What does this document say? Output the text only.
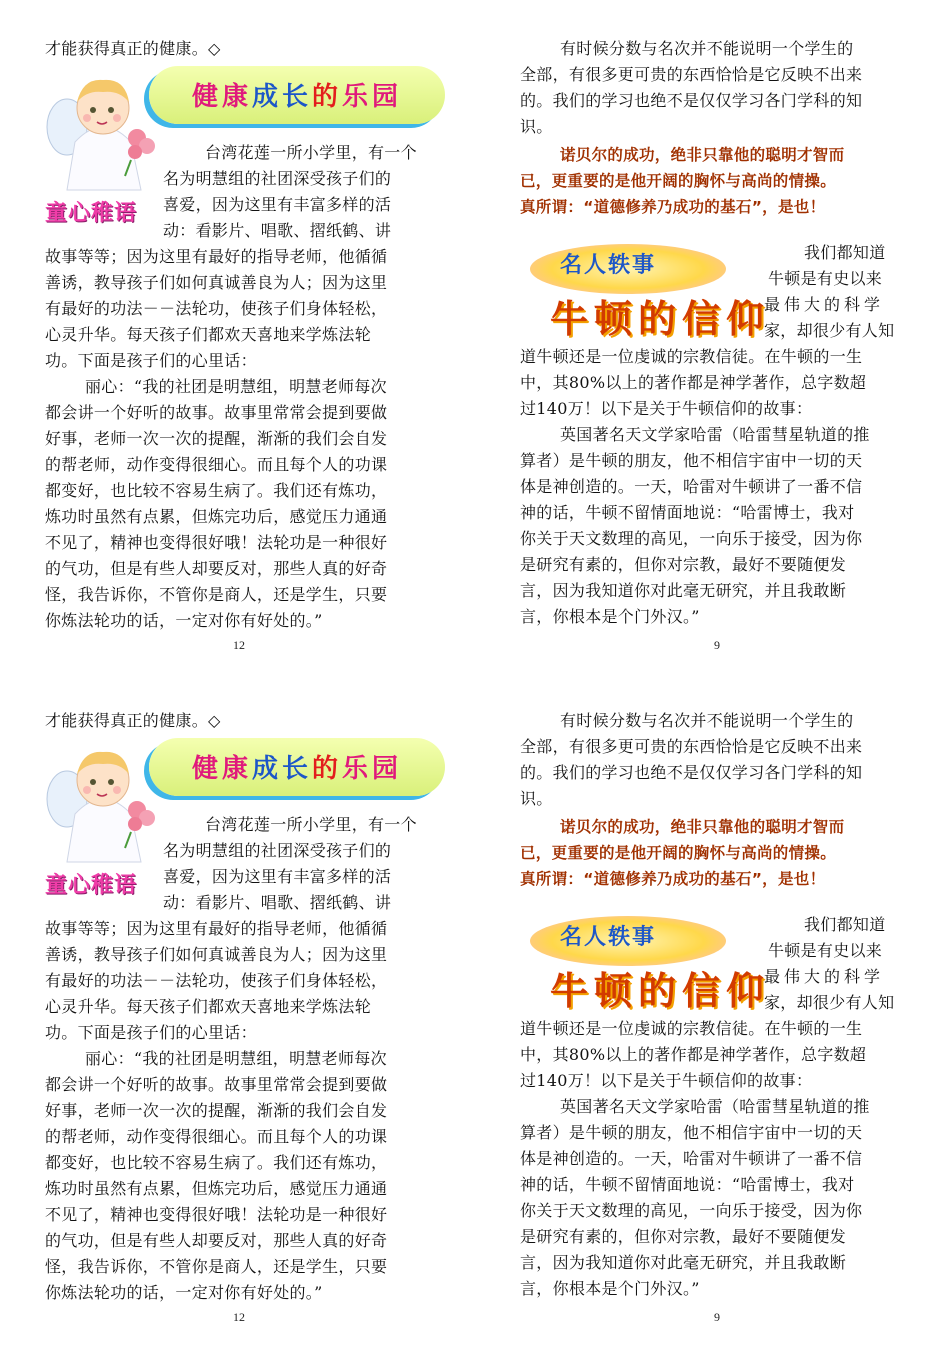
才能获得真正的健康。◇
健康成长的乐园
童心稚语
台湾花莲一所小学里，有一个
名为明慧组的社团深受孩子们的
喜爱，因为这里有丰富多样的活
动：看影片、唱歌、摺纸鹤、讲
故事等等；因为这里有最好的指导老师，他循循
善诱，教导孩子们如何真诚善良为人；因为这里
有最好的功法－－法轮功，使孩子们身体轻松，
心灵升华。每天孩子们都欢天喜地来学炼法轮
功。下面是孩子们的心里话：
丽心：“我的社团是明慧组，明慧老师每次
都会讲一个好听的故事。故事里常常会提到要做
好事，老师一次一次的提醒，渐渐的我们会自发
的帮老师，动作变得很细心。而且每个人的功课
都变好，也比较不容易生病了。我们还有炼功，
炼功时虽然有点累，但炼完功后，感觉压力通通
不见了，精神也变得很好哦！法轮功是一种很好
的气功，但是有些人却要反对，那些人真的好奇
怪，我告诉你，不管你是商人，还是学生，只要
你炼法轮功的话，一定对你有好处的。”
12
有时候分数与名次并不能说明一个学生的
全部，有很多更可贵的东西恰恰是它反映不出来
的。我们的学习也绝不是仅仅学习各门学科的知
识。
诺贝尔的成功，绝非只靠他的聪明才智而
已，更重要的是他开阔的胸怀与高尚的情操。
真所谓：“道德修养乃成功的基石”，是也！
名人轶事
牛顿的信仰
我们都知道
牛顿是有史以来
最伟大的科学
家，却很少有人知
道牛顿还是一位虔诚的宗教信徒。在牛顿的一生
中，其80%以上的著作都是神学著作，总字数超
过140万！以下是关于牛顿信仰的故事：
英国著名天文学家哈雷（哈雷彗星轨道的推
算者）是牛顿的朋友，他不相信宇宙中一切的天
体是神创造的。一天，哈雷对牛顿讲了一番不信
神的话，牛顿不留情面地说：“哈雷博士，我对
你关于天文数理的高见，一向乐于接受，因为你
是研究有素的，但你对宗教，最好不要随便发
言，因为我知道你对此毫无研究，并且我敢断
言，你根本是个门外汉。”
9
才能获得真正的健康。◇
健康成长的乐园
童心稚语
台湾花莲一所小学里，有一个
名为明慧组的社团深受孩子们的
喜爱，因为这里有丰富多样的活
动：看影片、唱歌、摺纸鹤、讲
故事等等；因为这里有最好的指导老师，他循循
善诱，教导孩子们如何真诚善良为人；因为这里
有最好的功法－－法轮功，使孩子们身体轻松，
心灵升华。每天孩子们都欢天喜地来学炼法轮
功。下面是孩子们的心里话：
丽心：“我的社团是明慧组，明慧老师每次
都会讲一个好听的故事。故事里常常会提到要做
好事，老师一次一次的提醒，渐渐的我们会自发
的帮老师，动作变得很细心。而且每个人的功课
都变好，也比较不容易生病了。我们还有炼功，
炼功时虽然有点累，但炼完功后，感觉压力通通
不见了，精神也变得很好哦！法轮功是一种很好
的气功，但是有些人却要反对，那些人真的好奇
怪，我告诉你，不管你是商人，还是学生，只要
你炼法轮功的话，一定对你有好处的。”
12
有时候分数与名次并不能说明一个学生的
全部，有很多更可贵的东西恰恰是它反映不出来
的。我们的学习也绝不是仅仅学习各门学科的知
识。
诺贝尔的成功，绝非只靠他的聪明才智而
已，更重要的是他开阔的胸怀与高尚的情操。
真所谓：“道德修养乃成功的基石”，是也！
名人轶事
牛顿的信仰
我们都知道
牛顿是有史以来
最伟大的科学
家，却很少有人知
道牛顿还是一位虔诚的宗教信徒。在牛顿的一生
中，其80%以上的著作都是神学著作，总字数超
过140万！以下是关于牛顿信仰的故事：
英国著名天文学家哈雷（哈雷彗星轨道的推
算者）是牛顿的朋友，他不相信宇宙中一切的天
体是神创造的。一天，哈雷对牛顿讲了一番不信
神的话，牛顿不留情面地说：“哈雷博士，我对
你关于天文数理的高见，一向乐于接受，因为你
是研究有素的，但你对宗教，最好不要随便发
言，因为我知道你对此毫无研究，并且我敢断
言，你根本是个门外汉。”
9
